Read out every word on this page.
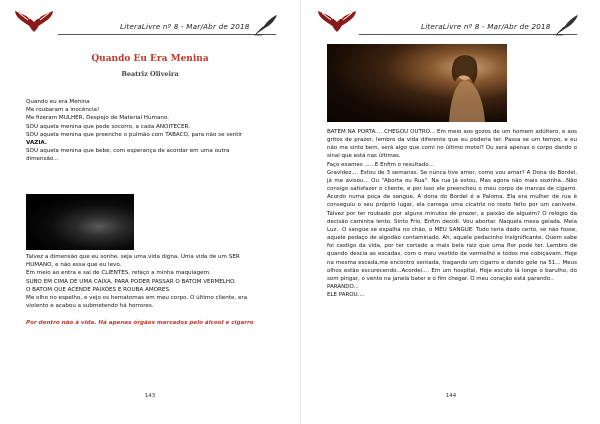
LiteraLivre nº 8 - Mar/Abr de 2018
Quando Eu Era Menina
Beatriz Oliveira

Quando eu era Menina

Me roubaram a inocência!

Me fizeram MULHER, Despejo de Material Humano.

SOU aquela menina que pede socorro, a cada ANOITECER.

SOU aquela menina que preenche o pulmão com TABACO, para não se sentir

VAZIA.

SOU aquela menina que bebe, com esperança de acordar em uma outra

dimensão...

Talvez a dimensão que eu sonhe, seja uma vida digna. Uma vida de um SER

HUMANO, e não essa que eu levo.

Em meio ao entra e sai de CLIENTES, refaço a minha maquiagem.

SUBO EM CIMA DE UMA CAIXA, PARA PODER PASSAR O BATOM VERMELHO.

O BATOM QUE ACENDE PAIXÕES E ROUBA AMORES.

Me olho no espelho, e vejo os hematomas em meu corpo. O último cliente, era

violento e acabou a submetendo há horrores.

Por dentro não à vida. Há apenas órgãos marcados pelo álcool e cigarro
143
LiteraLivre nº 8 - Mar/Abr de 2018

BATEM NA PORTA.... CHEGOU OUTRO... Em meio aos gozos de um homem adúltero, e aos gritos de prazer, lembro da vida diferente que eu poderia ter. Passa se um tempo, e eu não me sinto bem, será algo que comi no último motel? Ou será apenas o corpo dando o sinal que está nas últimas.

Faço exames ..... E Enfim o resultado...

Gravidez.... Estou de 3 semanas. Se nunca tive amor, como vou amar? A Dona do Bordel, já me avisou... Ou "Aborta ou Rua". Na rua já estou, Mas agora não mais sozinha...Não consigo satisfazer o cliente, e por isso ele preencheu o meu corpo de marcas de cigarro. Acordo numa poça de sangue, A dona do Bordel é a Paloma. Ela era mulher de rua é conseguiu o seu próprio lugar, ela carrega uma cicatriz no rosto feito por um canivete. Talvez por ter roubado por alguns minutos de prazer, a paixão de alguém? O relógio da decisão caminha lento. Sinto Frio. Enfim decidi. Vou abortar. Naquela mesa gelada. Meia Luz.. O sangue se espalha no chão, o MEU SANGUE. Tudo teria dado certo, se não fosse, aquele pedaço de algodão contaminado. Ah, aquele pedacinho insignificante. Quem sabe foi castigo da vida, por ter cortado a mais bela raiz que uma flor pode ter. Lembro de quando descia as escadas, com o meu vestido de vermelho e todos me cobiçavam. Hoje na mesma escada,me encontro sentada, tragando um cigarro e dando gole na 51... Meus olhos estão escurecendo...Acordei.... Em um hospital, Hoje escuto lá longe o barulho, do som pingar, o vento na janela bater e o fim chegar. O meu coração está parando..

PARANDO...

ELE PAROU....

144
